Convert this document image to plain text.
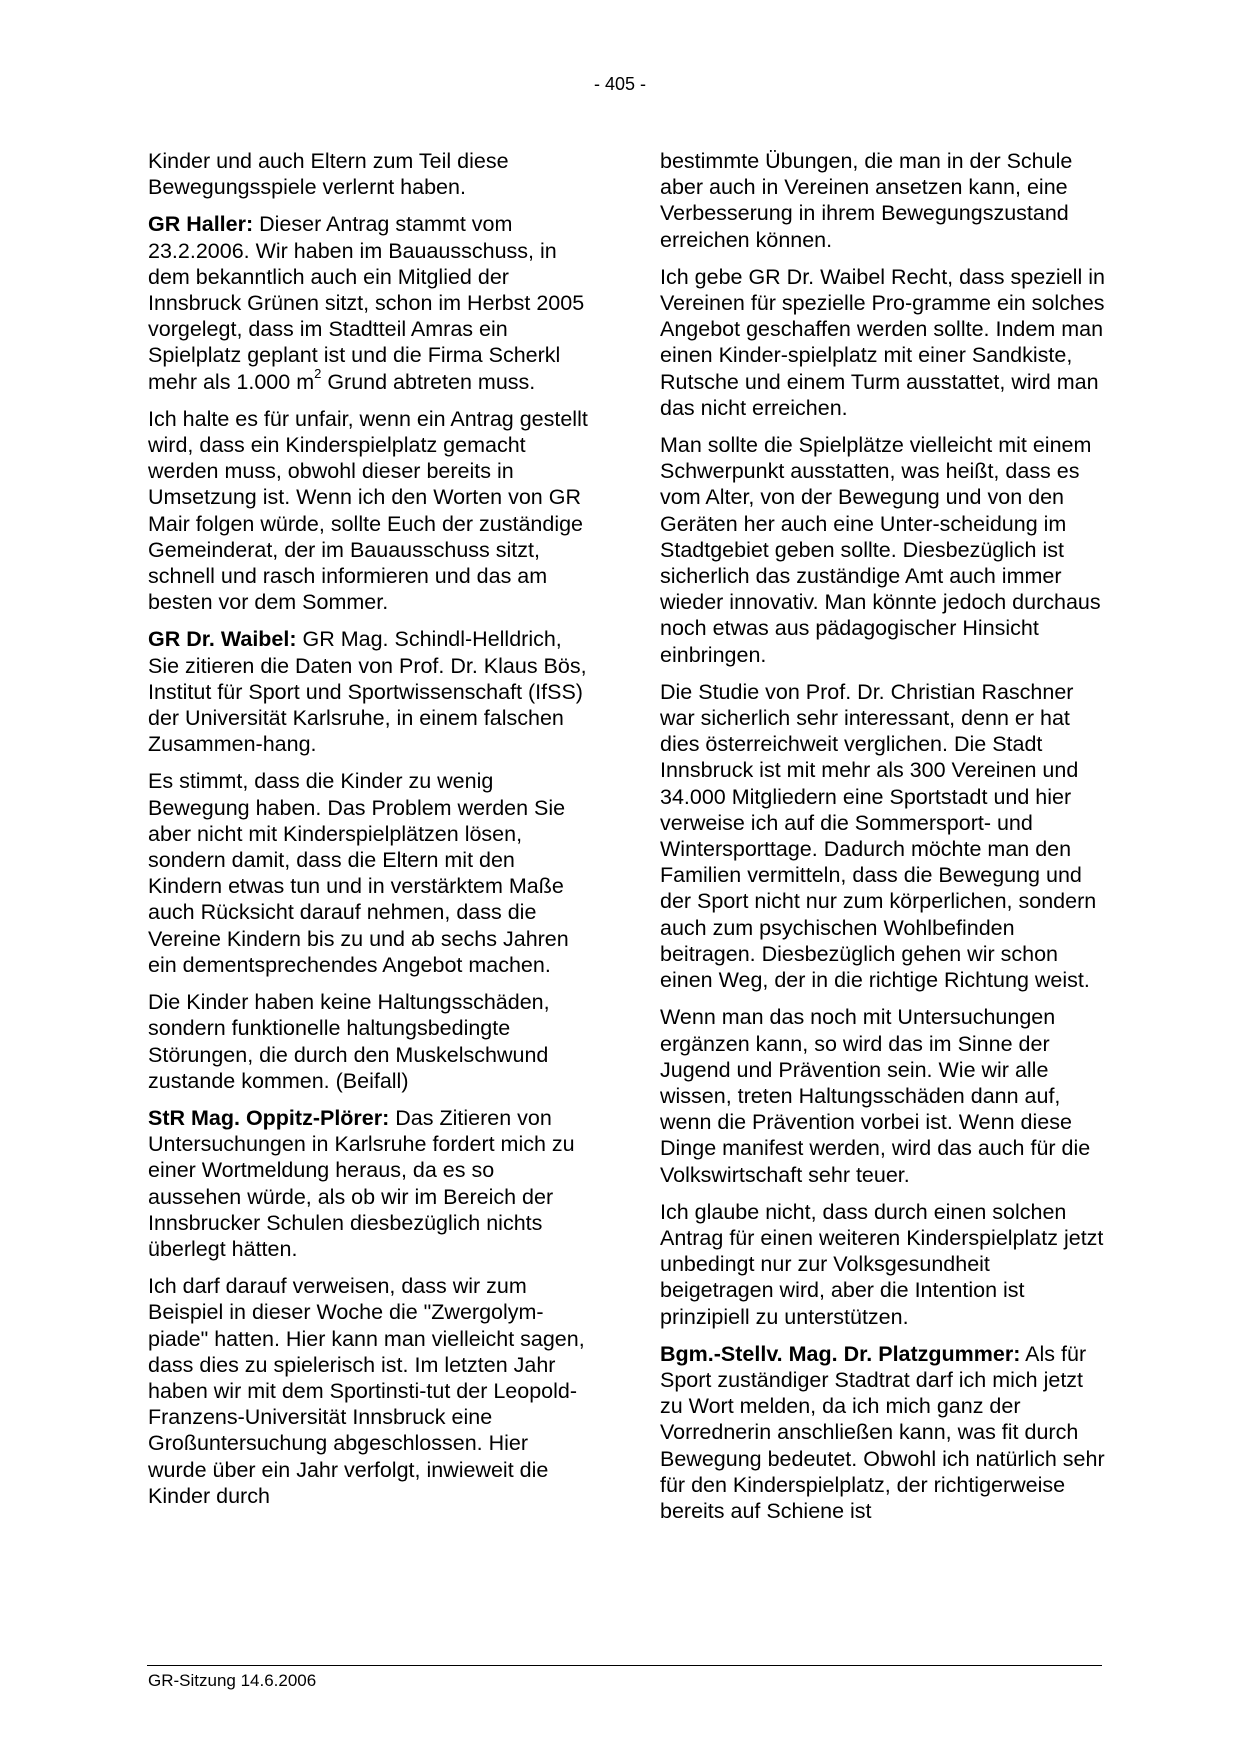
- 405 -

Kinder und auch Eltern zum Teil diese Bewegungsspiele verlernt haben.

GR Haller: Dieser Antrag stammt vom 23.2.2006. Wir haben im Bauausschuss, in dem bekanntlich auch ein Mitglied der Innsbruck Grünen sitzt, schon im Herbst 2005 vorgelegt, dass im Stadtteil Amras ein Spielplatz geplant ist und die Firma Scherkl mehr als 1.000 $m^2$ Grund abtreten muss.

Ich halte es für unfair, wenn ein Antrag gestellt wird, dass ein Kinderspielplatz gemacht werden muss, obwohl dieser bereits in Umsetzung ist. Wenn ich den Worten von GR Mair folgen würde, sollte Euch der zuständige Gemeinderat, der im Bauausschuss sitzt, schnell und rasch informieren und das am besten vor dem Sommer.

GR Dr. Waibel: GR Mag. Schindl-Helldrich, Sie zitieren die Daten von Prof. Dr. Klaus Bös, Institut für Sport und Sportwissenschaft (IfSS) der Universität Karlsruhe, in einem falschen Zusammen-hang.

Es stimmt, dass die Kinder zu wenig Bewegung haben. Das Problem werden Sie aber nicht mit Kinderspielplätzen lösen, sondern damit, dass die Eltern mit den Kindern etwas tun und in verstärktem Maße auch Rücksicht darauf nehmen, dass die Vereine Kindern bis zu und ab sechs Jahren ein dementsprechendes Angebot machen.

Die Kinder haben keine Haltungsschäden, sondern funktionelle haltungsbedingte Störungen, die durch den Muskelschwund zustande kommen. (Beifall)

StR Mag. Oppitz-Plörer: Das Zitieren von Untersuchungen in Karlsruhe fordert mich zu einer Wortmeldung heraus, da es so aussehen würde, als ob wir im Bereich der Innsbrucker Schulen diesbezüglich nichts überlegt hätten.

Ich darf darauf verweisen, dass wir zum Beispiel in dieser Woche die "Zwergolym-piade" hatten. Hier kann man vielleicht sagen, dass dies zu spielerisch ist. Im letzten Jahr haben wir mit dem Sportinsti-tut der Leopold-Franzens-Universität Innsbruck eine Großuntersuchung abgeschlossen. Hier wurde über ein Jahr verfolgt, inwieweit die Kinder durch

bestimmte Übungen, die man in der Schule aber auch in Vereinen ansetzen kann, eine Verbesserung in ihrem Bewegungszustand erreichen können.

Ich gebe GR Dr. Waibel Recht, dass speziell in Vereinen für spezielle Pro-gramme ein solches Angebot geschaffen werden sollte. Indem man einen Kinder-spielplatz mit einer Sandkiste, Rutsche und einem Turm ausstattet, wird man das nicht erreichen.

Man sollte die Spielplätze vielleicht mit einem Schwerpunkt ausstatten, was heißt, dass es vom Alter, von der Bewegung und von den Geräten her auch eine Unter-scheidung im Stadtgebiet geben sollte. Diesbezüglich ist sicherlich das zuständige Amt auch immer wieder innovativ. Man könnte jedoch durchaus noch etwas aus pädagogischer Hinsicht einbringen.

Die Studie von Prof. Dr. Christian Raschner war sicherlich sehr interessant, denn er hat dies österreichweit verglichen. Die Stadt Innsbruck ist mit mehr als 300 Vereinen und 34.000 Mitgliedern eine Sportstadt und hier verweise ich auf die Sommersport- und Wintersporttage. Dadurch möchte man den Familien vermitteln, dass die Bewegung und der Sport nicht nur zum körperlichen, sondern auch zum psychischen Wohlbefinden beitragen. Diesbezüglich gehen wir schon einen Weg, der in die richtige Richtung weist.

Wenn man das noch mit Untersuchungen ergänzen kann, so wird das im Sinne der Jugend und Prävention sein. Wie wir alle wissen, treten Haltungsschäden dann auf, wenn die Prävention vorbei ist. Wenn diese Dinge manifest werden, wird das auch für die Volkswirtschaft sehr teuer.

Ich glaube nicht, dass durch einen solchen Antrag für einen weiteren Kinderspielplatz jetzt unbedingt nur zur Volksgesundheit beigetragen wird, aber die Intention ist prinzipiell zu unterstützen.

Bgm.-Stellv. Mag. Dr. Platzgummer: Als für Sport zuständiger Stadtrat darf ich mich jetzt zu Wort melden, da ich mich ganz der Vorrednerin anschließen kann, was fit durch Bewegung bedeutet. Obwohl ich natürlich sehr für den Kinderspielplatz, der richtigerweise bereits auf Schiene ist

GR-Sitzung 14.6.2006
